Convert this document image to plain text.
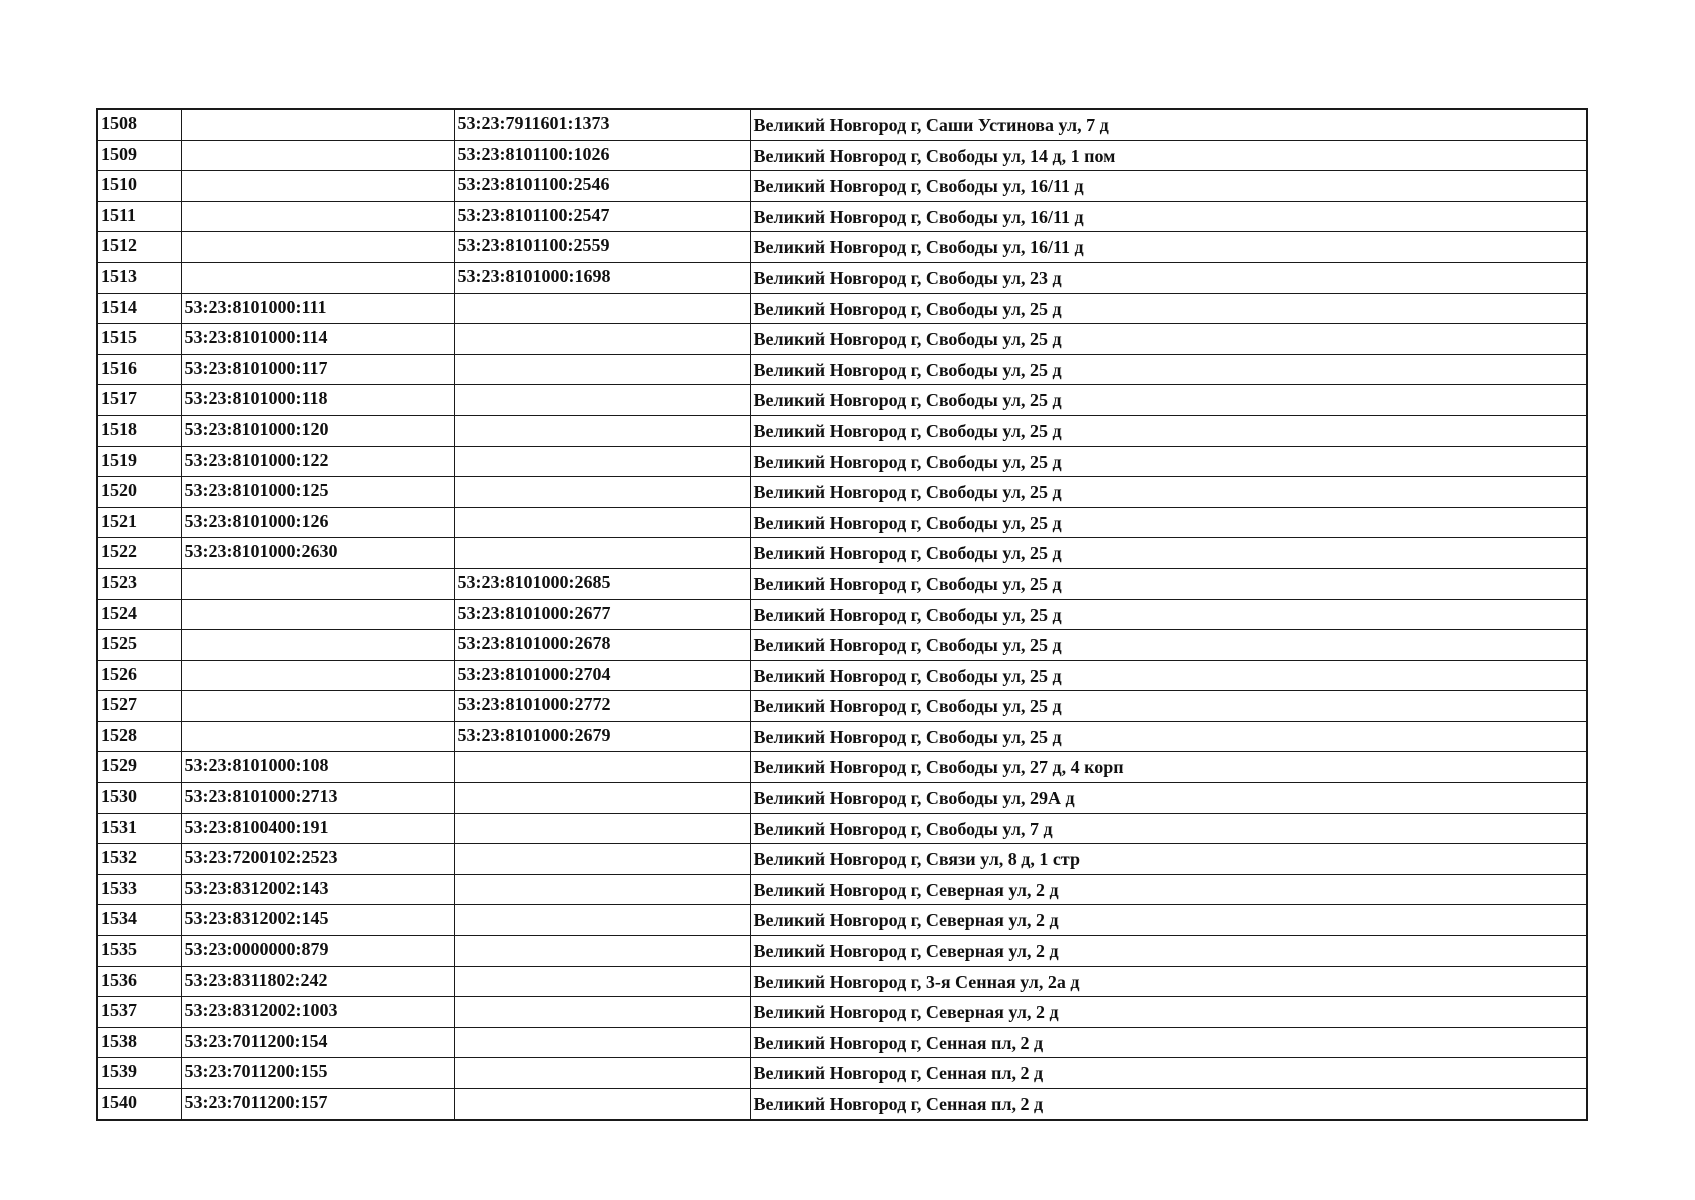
1508		53:23:7911601:1373	Великий Новгород г, Саши Устинова ул, 7 д
1509		53:23:8101100:1026	Великий Новгород г, Свободы ул, 14 д, 1 пом
1510		53:23:8101100:2546	Великий Новгород г, Свободы ул, 16/11 д
1511		53:23:8101100:2547	Великий Новгород г, Свободы ул, 16/11 д
1512		53:23:8101100:2559	Великий Новгород г, Свободы ул, 16/11 д
1513		53:23:8101000:1698	Великий Новгород г, Свободы ул, 23 д
1514	53:23:8101000:111		Великий Новгород г, Свободы ул, 25 д
1515	53:23:8101000:114		Великий Новгород г, Свободы ул, 25 д
1516	53:23:8101000:117		Великий Новгород г, Свободы ул, 25 д
1517	53:23:8101000:118		Великий Новгород г, Свободы ул, 25 д
1518	53:23:8101000:120		Великий Новгород г, Свободы ул, 25 д
1519	53:23:8101000:122		Великий Новгород г, Свободы ул, 25 д
1520	53:23:8101000:125		Великий Новгород г, Свободы ул, 25 д
1521	53:23:8101000:126		Великий Новгород г, Свободы ул, 25 д
1522	53:23:8101000:2630		Великий Новгород г, Свободы ул, 25 д
1523		53:23:8101000:2685	Великий Новгород г, Свободы ул, 25 д
1524		53:23:8101000:2677	Великий Новгород г, Свободы ул, 25 д
1525		53:23:8101000:2678	Великий Новгород г, Свободы ул, 25 д
1526		53:23:8101000:2704	Великий Новгород г, Свободы ул, 25 д
1527		53:23:8101000:2772	Великий Новгород г, Свободы ул, 25 д
1528		53:23:8101000:2679	Великий Новгород г, Свободы ул, 25 д
1529	53:23:8101000:108		Великий Новгород г, Свободы ул, 27 д, 4 корп
1530	53:23:8101000:2713		Великий Новгород г, Свободы ул, 29А д
1531	53:23:8100400:191		Великий Новгород г, Свободы ул, 7 д
1532	53:23:7200102:2523		Великий Новгород г, Связи ул, 8 д, 1 стр
1533	53:23:8312002:143		Великий Новгород г, Северная ул, 2 д
1534	53:23:8312002:145		Великий Новгород г, Северная ул, 2 д
1535	53:23:0000000:879		Великий Новгород г, Северная ул, 2 д
1536	53:23:8311802:242		Великий Новгород г, 3-я Сенная ул, 2а д
1537	53:23:8312002:1003		Великий Новгород г, Северная ул, 2 д
1538	53:23:7011200:154		Великий Новгород г, Сенная пл, 2 д
1539	53:23:7011200:155		Великий Новгород г, Сенная пл, 2 д
1540	53:23:7011200:157		Великий Новгород г, Сенная пл, 2 д
